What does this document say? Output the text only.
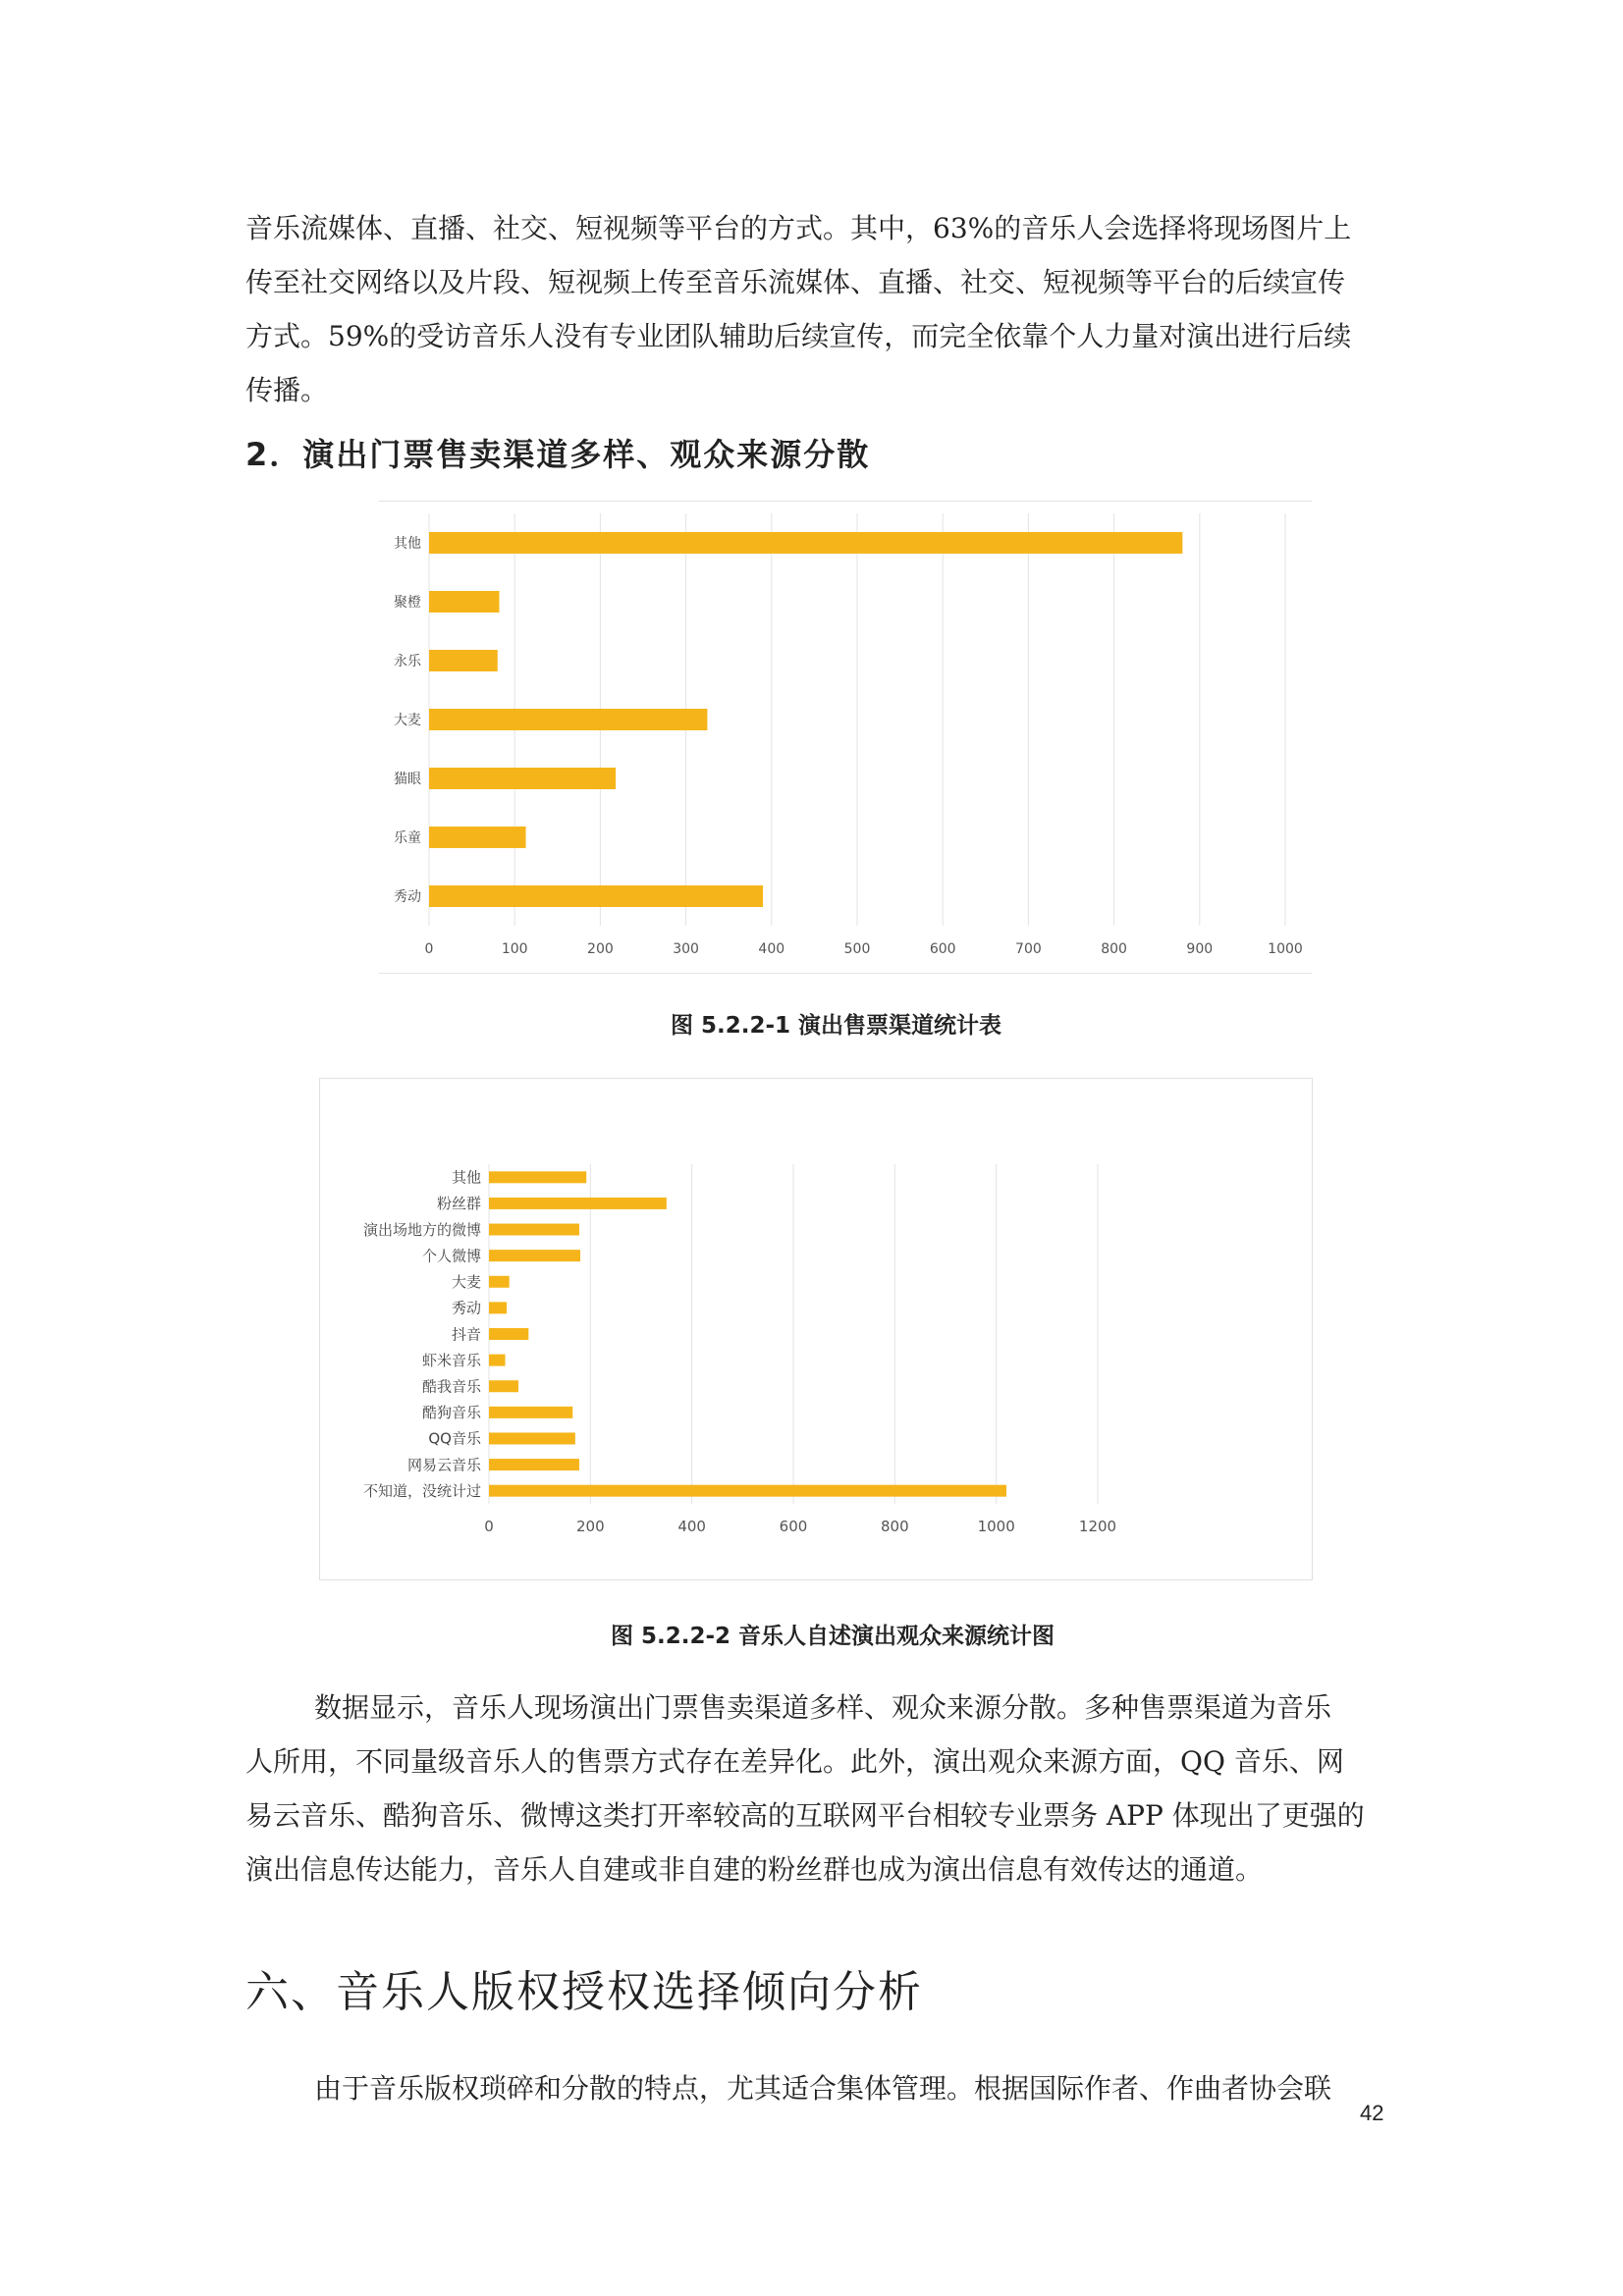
音乐流媒体、直播、社交、短视频等平台的方式。其中，63%的音乐人会选择将现场图片上
传至社交网络以及片段、短视频上传至音乐流媒体、直播、社交、短视频等平台的后续宣传
方式。59%的受访音乐人没有专业团队辅助后续宣传，而完全依靠个人力量对演出进行后续
传播。
2．演出门票售卖渠道多样、观众来源分散
0	100	200	300	400	500	600	700	800	900	1000
其他
聚橙
永乐
大麦
猫眼
乐童
秀动
图 5.2.2-1 演出售票渠道统计表
0	200	400	600	800	1000	1200
其他
粉丝群
演出场地方的微博
个人微博
大麦
秀动
抖音
虾米音乐
酷我音乐
酷狗音乐
QQ音乐
网易云音乐
不知道，没统计过
图 5.2.2-2 音乐人自述演出观众来源统计图
数据显示，音乐人现场演出门票售卖渠道多样、观众来源分散。多种售票渠道为音乐
人所用，不同量级音乐人的售票方式存在差异化。此外，演出观众来源方面，QQ 音乐、网
易云音乐、酷狗音乐、微博这类打开率较高的互联网平台相较专业票务 APP 体现出了更强的
演出信息传达能力，音乐人自建或非自建的粉丝群也成为演出信息有效传达的通道。
六、音乐人版权授权选择倾向分析
由于音乐版权琐碎和分散的特点，尤其适合集体管理。根据国际作者、作曲者协会联
42
